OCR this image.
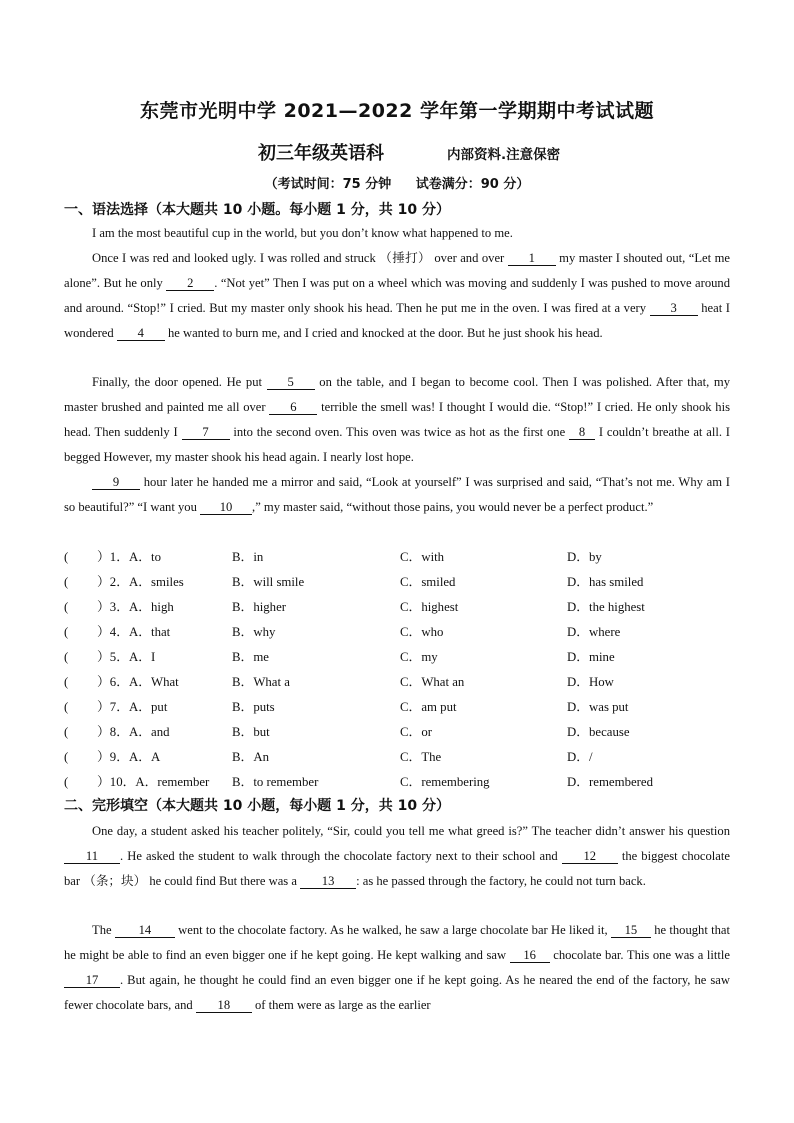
东莞市光明中学 2021—2022 学年第一学期期中考试试题
初三年级英语科	内部资料.注意保密
（考试时间：75 分钟 试卷满分：90 分）
一、语法选择（本大题共 10 小题。每小题 1 分，共 10 分）
I am the most beautiful cup in the world, but you don’t know what happened to me.
Once I was red and looked ugly. I was rolled and struck （捶打） over and over 1 my master I shouted out, “Let me alone”. But he only 2 . “Not yet” Then I was put on a wheel which was moving and suddenly I was pushed to move around and around. “Stop!” I cried. But my master only shook his head. Then he put me in the oven. I was fired at a very 3 heat I wondered 4 he wanted to burn me, and I cried and knocked at the door. But he just shook his head.
Finally, the door opened. He put 5 on the table, and I began to become cool. Then I was polished. After that, my master brushed and painted me all over 6 terrible the smell was! I thought I would die. “Stop!” I cried. He only shook his head. Then suddenly I 7 into the second oven. This oven was twice as hot as the first one 8 I couldn’t breathe at all. I begged However, my master shook his head again. I nearly lost hope.
9 hour later he handed me a mirror and said, “Look at yourself” I was surprised and said, “That’s not me. Why am I so beautiful?” “I want you 10 ,” my master said, “without those pains, you would never be a perfect product.”
( ）1．A．to	B．in	C．with	D．by
( ）2．A．smiles	B．will smile	C．smiled	D．has smiled
( ）3．A．high	B．higher	C．highest	D．the highest
( ）4．A．that	B．why	C．who	D．where
( ）5．A．I	B．me	C．my	D．mine
( ）6．A．What	B．What a	C．What an	D．How
( ）7．A．put	B．puts	C．am put	D．was put
( ）8．A．and	B．but	C．or	D．because
( ）9．A．A	B．An	C．The	D．/
( ）10．A．remember B．to remember	C．remembering	D．remembered
二、完形填空（本大题共 10 小题，每小题 1 分，共 10 分）
One day, a student asked his teacher politely, “Sir, could you tell me what greed is?” The teacher didn’t answer his question 11 . He asked the student to walk through the chocolate factory next to their school and 12 the biggest chocolate bar （条；块） he could find But there was a 13 : as he passed through the factory, he could not turn back.
The 14 went to the chocolate factory. As he walked, he saw a large chocolate bar He liked it, 15 he thought that he might be able to find an even bigger one if he kept going. He kept walking and saw 16 chocolate bar. This one was a little 17 . But again, he thought he could find an even bigger one if he kept going. As he neared the end of the factory, he saw fewer chocolate bars, and 18 of them were as large as the earlier
